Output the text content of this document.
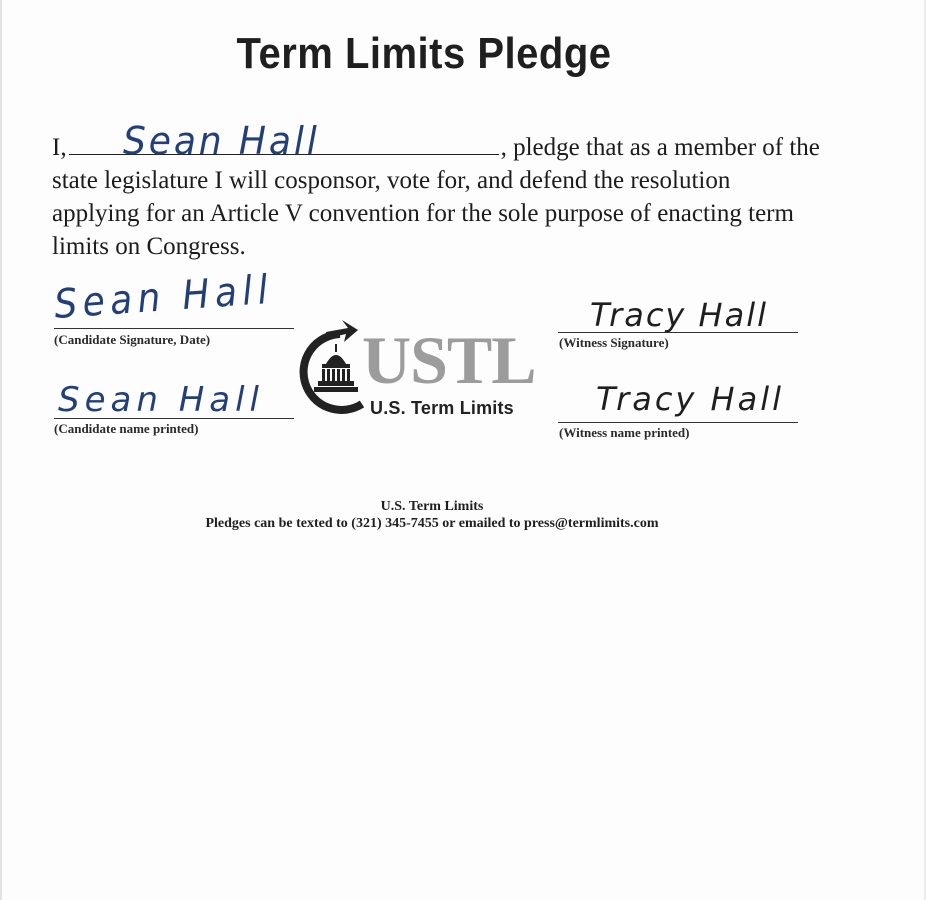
Term Limits Pledge
I, Sean Hall	, pledge that as a member of the state legislature I will cosponsor, vote for, and defend the resolution applying for an Article V convention for the sole purpose of enacting term limits on Congress.
Sean Hall
(Candidate Signature, Date)
Sean Hall
(Candidate name printed)
Tracy Hall
(Witness Signature)
Tracy Hall
(Witness name printed)
USTL
U.S. Term Limits
U.S. Term Limits
Pledges can be texted to (321) 345-7455 or emailed to press@termlimits.com
